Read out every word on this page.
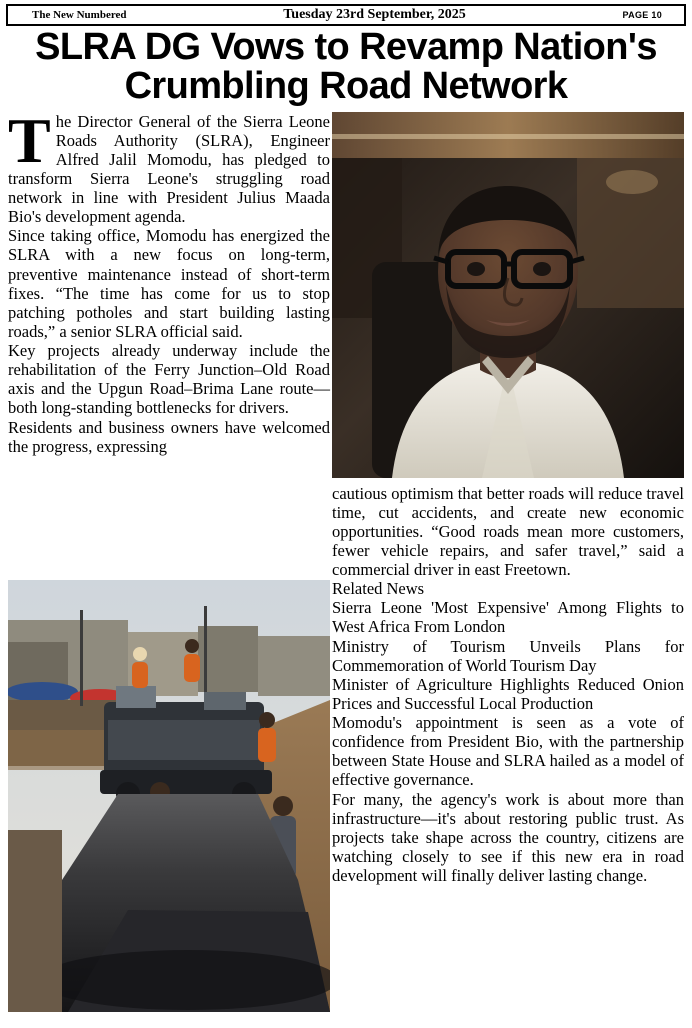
The New Numbered	Tuesday 23rd September, 2025	PAGE 10
SLRA DG Vows to Revamp Nation's
Crumbling Road Network

The Director General of the Sierra Leone Roads Authority (SLRA), Engineer Alfred Jalil Momodu, has pledged to transform Sierra Leone's struggling road network in line with President Julius Maada Bio's development agenda.

Since taking office, Momodu has energized the SLRA with a new focus on long-term, preventive maintenance instead of short-term fixes. “The time has come for us to stop patching potholes and start building lasting roads,” a senior SLRA official said.

Key projects already underway include the rehabilitation of the Ferry Junction–Old Road axis and the Upgun Road–Brima Lane route—both long-standing bottlenecks for drivers.

Residents and business owners have welcomed the progress, expressing

cautious optimism that better roads will reduce travel time, cut accidents, and create new economic opportunities. “Good roads mean more customers, fewer vehicle repairs, and safer travel,” said a commercial driver in east Freetown.

Related News

Sierra Leone 'Most Expensive' Among Flights to West Africa From London

Ministry of Tourism Unveils Plans for Commemoration of World Tourism Day

Minister of Agriculture Highlights Reduced Onion Prices and Successful Local Production

Momodu's appointment is seen as a vote of confidence from President Bio, with the partnership between State House and SLRA hailed as a model of effective governance.

For many, the agency's work is about more than infrastructure—it's about restoring public trust. As projects take shape across the country, citizens are watching closely to see if this new era in road development will finally deliver lasting change.
